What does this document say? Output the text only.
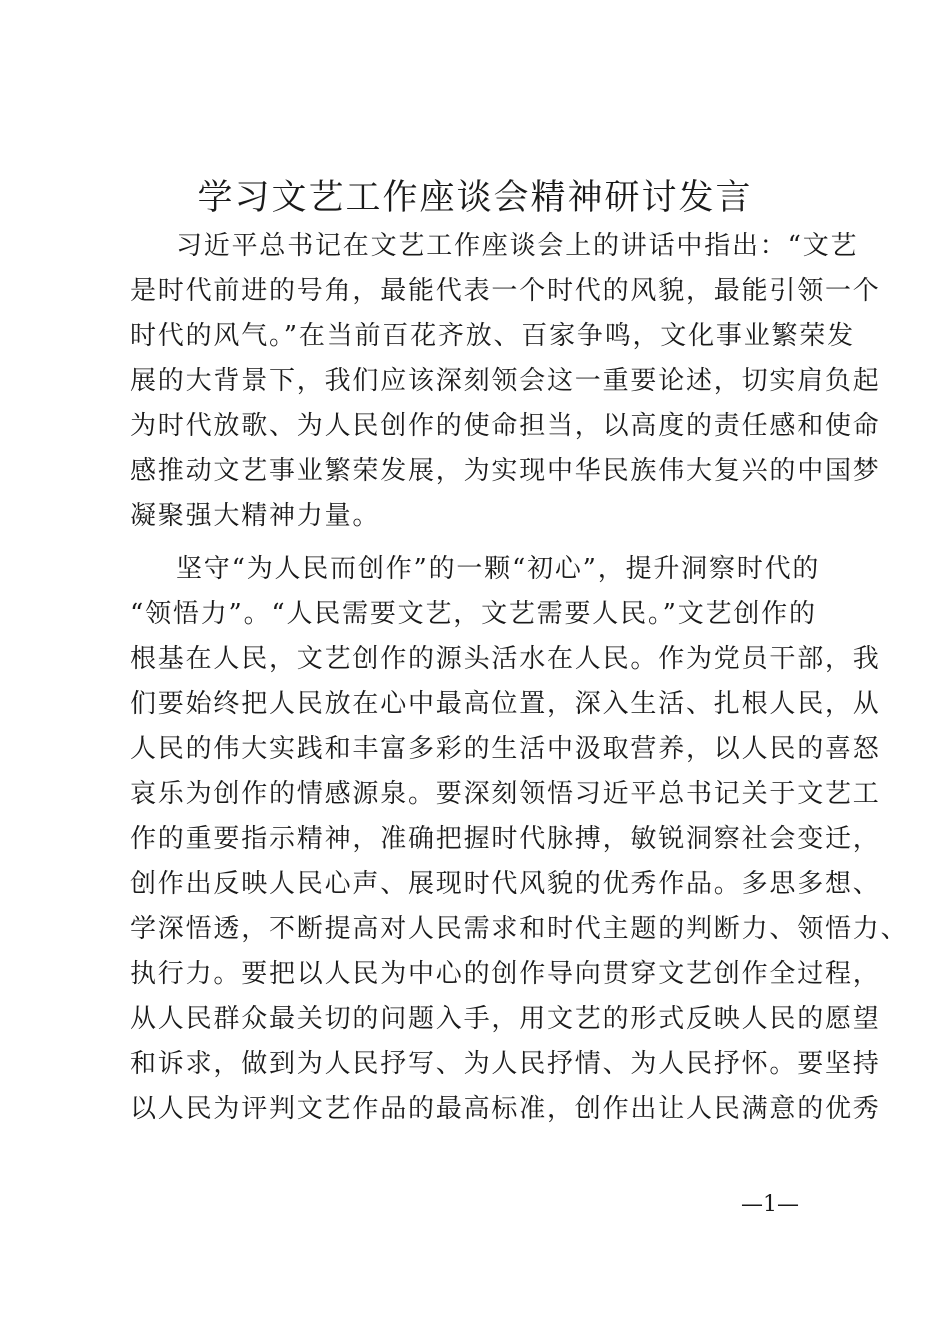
学习文艺工作座谈会精神研讨发言
习近平总书记在文艺工作座谈会上的讲话中指出：“文艺
是时代前进的号角，最能代表一个时代的风貌，最能引领一个
时代的风气。”在当前百花齐放、百家争鸣，文化事业繁荣发
展的大背景下，我们应该深刻领会这一重要论述，切实肩负起
为时代放歌、为人民创作的使命担当，以高度的责任感和使命
感推动文艺事业繁荣发展，为实现中华民族伟大复兴的中国梦
凝聚强大精神力量。
坚守“为人民而创作”的一颗“初心”，提升洞察时代的
“领悟力”。“人民需要文艺，文艺需要人民。”文艺创作的
根基在人民，文艺创作的源头活水在人民。作为党员干部，我
们要始终把人民放在心中最高位置，深入生活、扎根人民，从
人民的伟大实践和丰富多彩的生活中汲取营养，以人民的喜怒
哀乐为创作的情感源泉。要深刻领悟习近平总书记关于文艺工
作的重要指示精神，准确把握时代脉搏，敏锐洞察社会变迁，
创作出反映人民心声、展现时代风貌的优秀作品。多思多想、
学深悟透，不断提高对人民需求和时代主题的判断力、领悟力、
执行力。要把以人民为中心的创作导向贯穿文艺创作全过程，
从人民群众最关切的问题入手，用文艺的形式反映人民的愿望
和诉求，做到为人民抒写、为人民抒情、为人民抒怀。要坚持
以人民为评判文艺作品的最高标准，创作出让人民满意的优秀
—1—
